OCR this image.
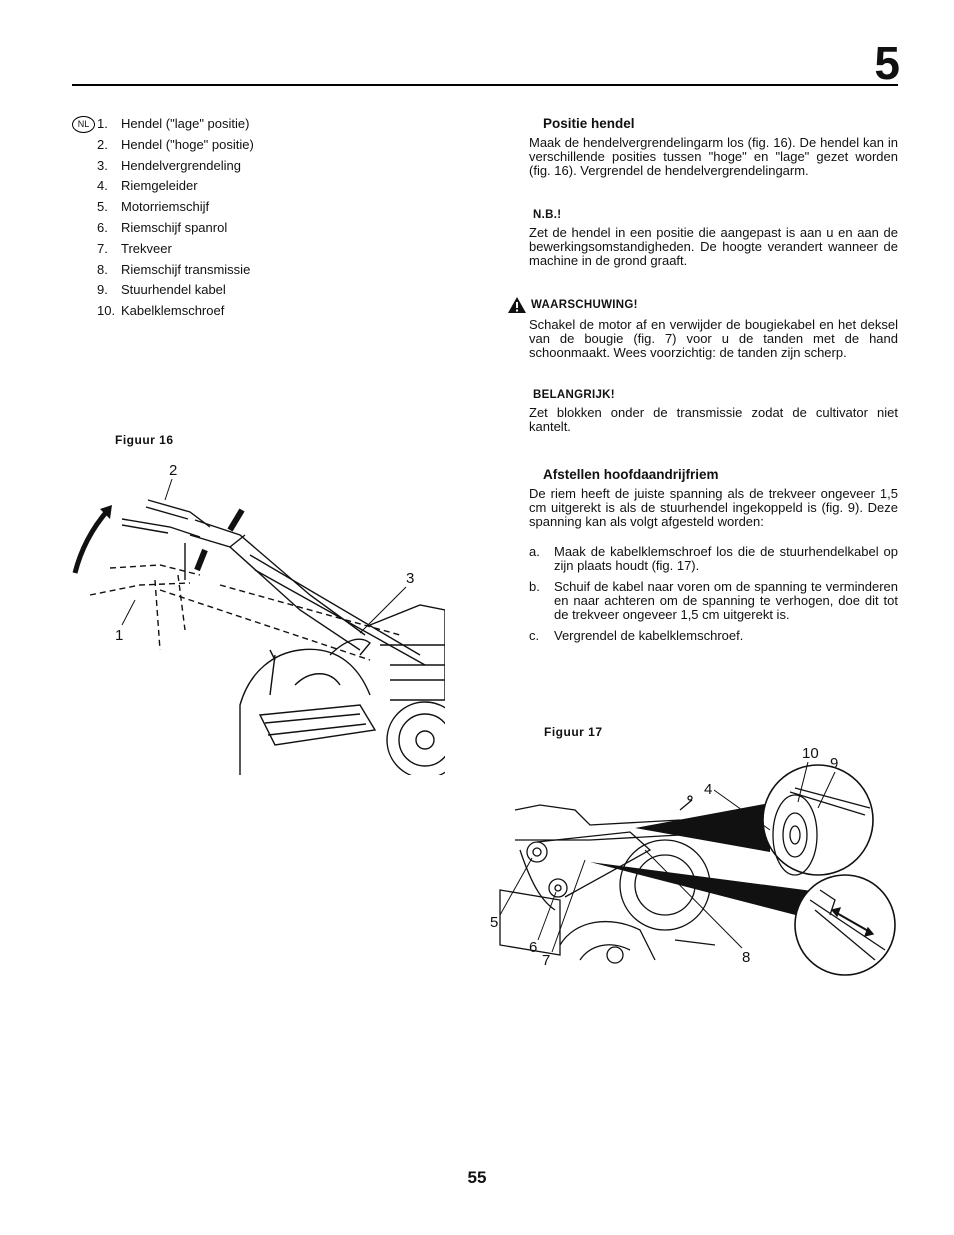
5
NL 1. Hendel ("lage" positie)
2. Hendel ("hoge" positie)
3. Hendelvergrendeling
4. Riemgeleider
5. Motorriemschijf
6. Riemschijf spanrol
7. Trekveer
8. Riemschijf transmissie
9. Stuurhendel kabel
10. Kabelklemschroef
Figuur 16
2
3
1
Positie hendel

Maak de hendelvergrendelingarm los (fig. 16). De hendel kan in verschillende posities tussen "hoge" en "lage" gezet worden (fig. 16). Vergrendel de hendelvergrendelingarm.

N.B.!

Zet de hendel in een positie die aangepast is aan u en aan de bewerkingsomstandigheden. De hoogte verandert wanneer de machine in de grond graaft.

WAARSCHUWING!

Schakel de motor af en verwijder de bougiekabel en het deksel van de bougie (fig. 7) voor u de tanden met de hand schoonmaakt. Wees voorzichtig: de tanden zijn scherp.

BELANGRIJK!

Zet blokken onder de transmissie zodat de cultivator niet kantelt.

Afstellen hoofdaandrijfriem

De riem heeft de juiste spanning als de trekveer ongeveer 1,5 cm uitgerekt is als de stuurhendel ingekoppeld is (fig. 9). Deze spanning kan als volgt afgesteld worden:

a.	Maak de kabelklemschroef los die de stuurhendelkabel op zijn plaats houdt (fig. 17).
b.	Schuif de kabel naar voren om de spanning te verminderen en naar achteren om de spanning te verhogen, doe dit tot de trekveer ongeveer 1,5 cm uitgerekt is.
c.	Vergrendel de kabelklemschroef.
Figuur 17
10
9
4
5
6
7	8
55
